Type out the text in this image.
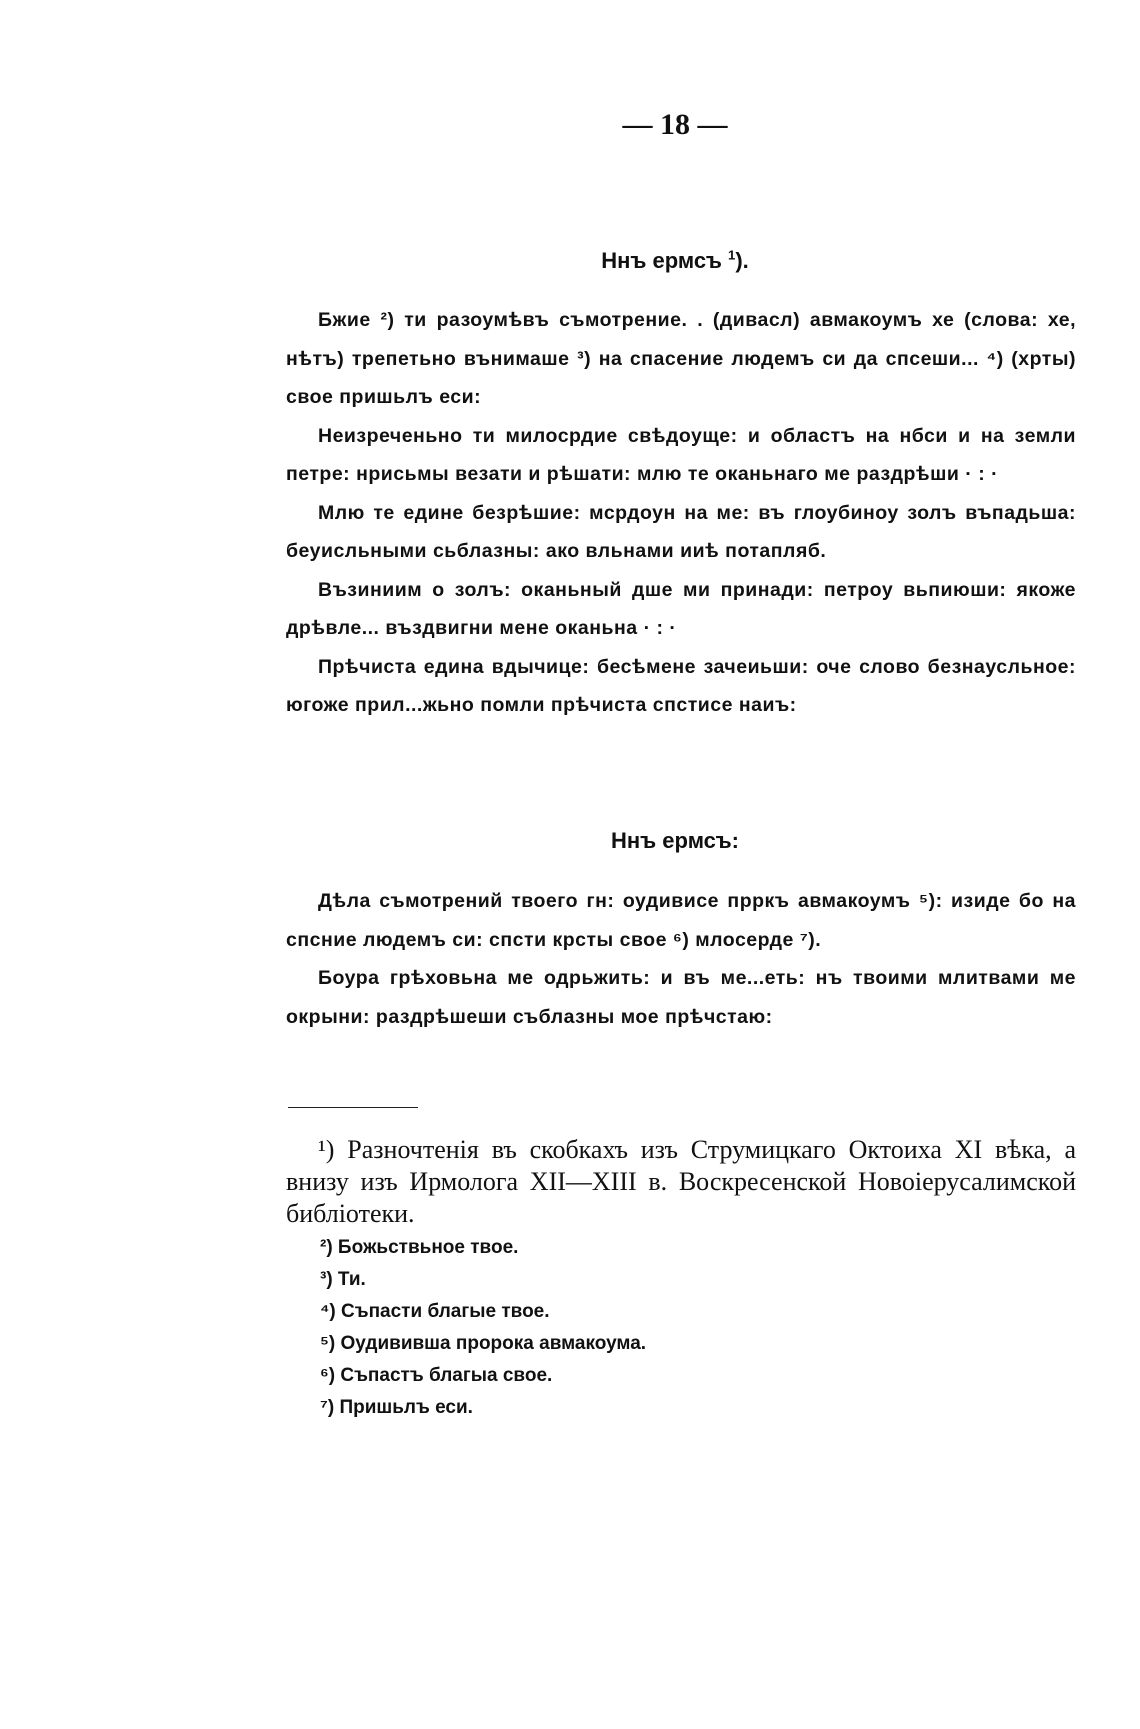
— 18 —
Ннъ ермсъ $^1$).

Бжие ²) ти разоумѣвъ съмотрение. . (дивасл) авмакоумъ хе (слова: хе, нѣтъ) трепетьно вънимаше ³) на спасение людемъ си да спсеши... ⁴) (хрты) свое пришьлъ еси:

Неизреченьно ти милосрдие свѣдоуще: и областъ на нбси и на земли петре: нрисьмы везати и рѣшати: млю те оканьнаго ме раздрѣши · : ·

Млю те едине безрѣшие: мсрдоун на ме: въ глоубиноу золъ въпадьша: беуисльными сьблазны: ако вльнами ииѣ потапляб.

Възиниим о золъ: оканьный дше ми принади: петроу вьпиюши: якоже дрѣвле... въздвигни мене оканьна · : ·

Прѣчиста едина вдычице: бесѣмене зачеиьши: оче слово безнаусльное: югоже прил...жьно помли прѣчиста спстисе наиъ:

Ннъ ермсъ:

Дѣла съмотрений твоего гн: оудивисе прркъ авмакоумъ ⁵): изиде бо на спсние людемъ си: спсти крсты свое ⁶) млосерде ⁷).

Боура грѣховьна ме одрьжить: и въ ме...еть: нъ твоими млитвами ме окрыни: раздрѣшеши съблазны мое прѣчстаю:

¹) Разночтенія въ скобкахъ изъ Струмицкаго Октоиха XI вѣка, а внизу изъ Ирмолога XII—XIII в. Воскресенской Новоіерусалимской библіотеки.

²) Божьствьное твое.

³) Ти.

⁴) Съпасти благые твое.

⁵) Оудививша пророка авмакоума.

⁶) Съпастъ благыа свое.

⁷) Пришьлъ еси.
